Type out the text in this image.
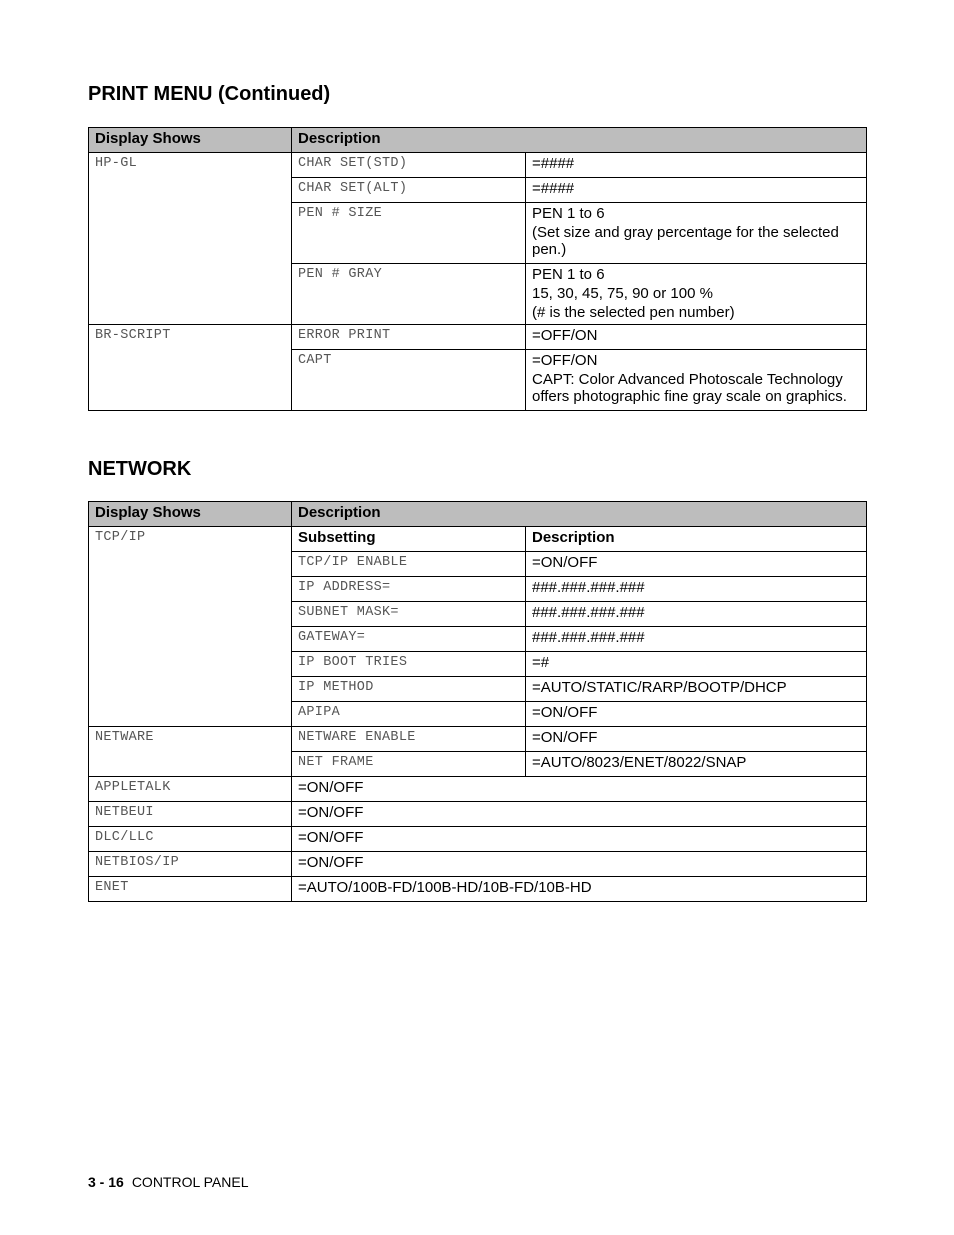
PRINT MENU (Continued)
Display Shows	Description	
HP-GL	CHAR SET(STD)	=####
	CHAR SET(ALT)	=####
	PEN # SIZE	PEN 1 to 6
(Set size and gray percentage for the selected pen.)

	PEN # GRAY	PEN 1 to 6
15, 30, 45, 75, 90 or 100 %
(# is the selected pen number)

BR-SCRIPT	ERROR PRINT	=OFF/ON
	CAPT	=OFF/ON
CAPT: Color Advanced Photoscale Technology offers photographic fine gray scale on graphics.
NETWORK
Display Shows	Description	
TCP/IP	Subsetting	Description
	TCP/IP ENABLE	=ON/OFF
	IP ADDRESS=	###.###.###.###
	SUBNET MASK=	###.###.###.###
	GATEWAY=	###.###.###.###
	IP BOOT TRIES	=#
	IP METHOD	=AUTO/STATIC/RARP/BOOTP/DHCP
	APIPA	=ON/OFF
NETWARE	NETWARE ENABLE	=ON/OFF
	NET FRAME	=AUTO/8023/ENET/8022/SNAP
APPLETALK	=ON/OFF	
NETBEUI	=ON/OFF	
DLC/LLC	=ON/OFF	
NETBIOS/IP	=ON/OFF	
ENET	=AUTO/100B-FD/100B-HD/10B-FD/10B-HD	
3 - 16 CONTROL PANEL
